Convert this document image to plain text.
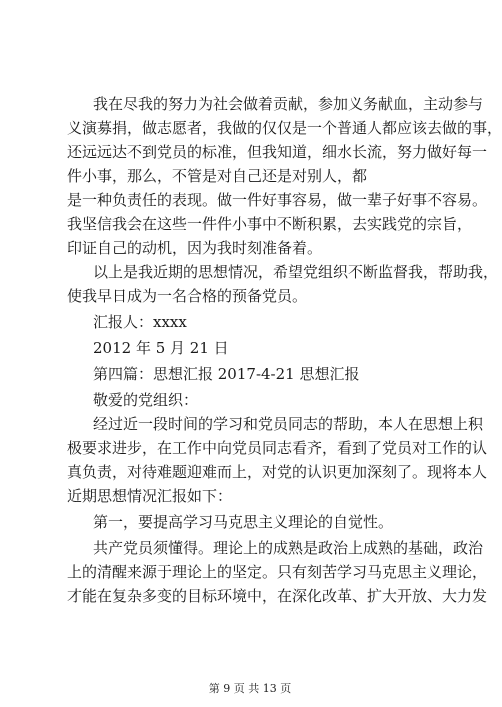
我在尽我的努力为社会做着贡献，参加义务献血，主动参与
义演募捐，做志愿者，我做的仅仅是一个普通人都应该去做的事，
还远远达不到党员的标准，但我知道，细水长流，努力做好每一
件小事，那么，不管是对自己还是对别人，都
是一种负责任的表现。做一件好事容易，做一辈子好事不容易。
我坚信我会在这些一件件小事中不断积累，去实践党的宗旨，
印证自己的动机，因为我时刻准备着。
以上是我近期的思想情况，希望党组织不断监督我，帮助我，
使我早日成为一名合格的预备党员。
汇报人：xxxx
2012 年 5 月 21 日
第四篇：思想汇报 2017-4-21 思想汇报
敬爱的党组织：
经过近一段时间的学习和党员同志的帮助，本人在思想上积
极要求进步，在工作中向党员同志看齐，看到了党员对工作的认
真负责，对待难题迎难而上，对党的认识更加深刻了。现将本人
近期思想情况汇报如下：
第一，要提高学习马克思主义理论的自觉性。
共产党员须懂得。理论上的成熟是政治上成熟的基础，政治
上的清醒来源于理论上的坚定。只有刻苦学习马克思主义理论，
才能在复杂多变的目标环境中，在深化改革、扩大开放、大力发
第 9 页 共 13 页
